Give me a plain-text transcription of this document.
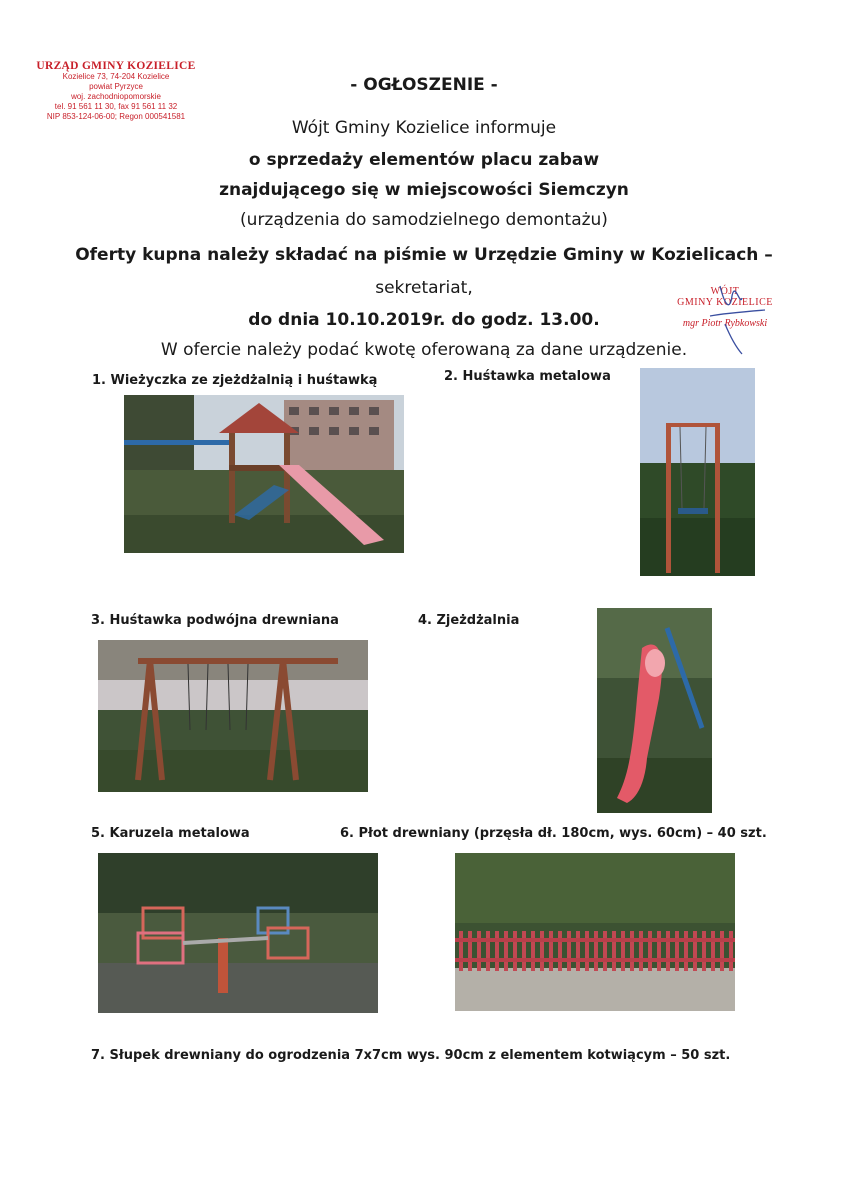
URZĄD GMINY KOZIELICE
Kozielice 73, 74-204 Kozielice
powiat Pyrzyce
woj. zachodniopomorskie
tel. 91 561 11 30, fax 91 561 11 32
NIP 853-124-06-00; Regon 000541581
- OGŁOSZENIE -
Wójt Gminy Kozielice informuje
o sprzedaży elementów placu zabaw
znajdującego się w miejscowości Siemczyn
(urządzenia do samodzielnego demontażu)
Oferty kupna należy składać na piśmie w Urzędzie Gminy w Kozielicach –
sekretariat,
do dnia 10.10.2019r. do godz. 13.00.
W ofercie należy podać kwotę oferowaną za dane urządzenie.
WÓJT
GMINY KOZIELICE
mgr Piotr Rybkowski
1. Wieżyczka ze zjeżdżalnią i huśtawką	2. Huśtawka metalowa
3. Huśtawka podwójna drewniana	4. Zjeżdżalnia
5. Karuzela metalowa	6. Płot drewniany (przęsła dł. 180cm, wys. 60cm) – 40 szt.
7. Słupek drewniany do ogrodzenia 7x7cm wys. 90cm z elementem kotwiącym – 50 szt.
